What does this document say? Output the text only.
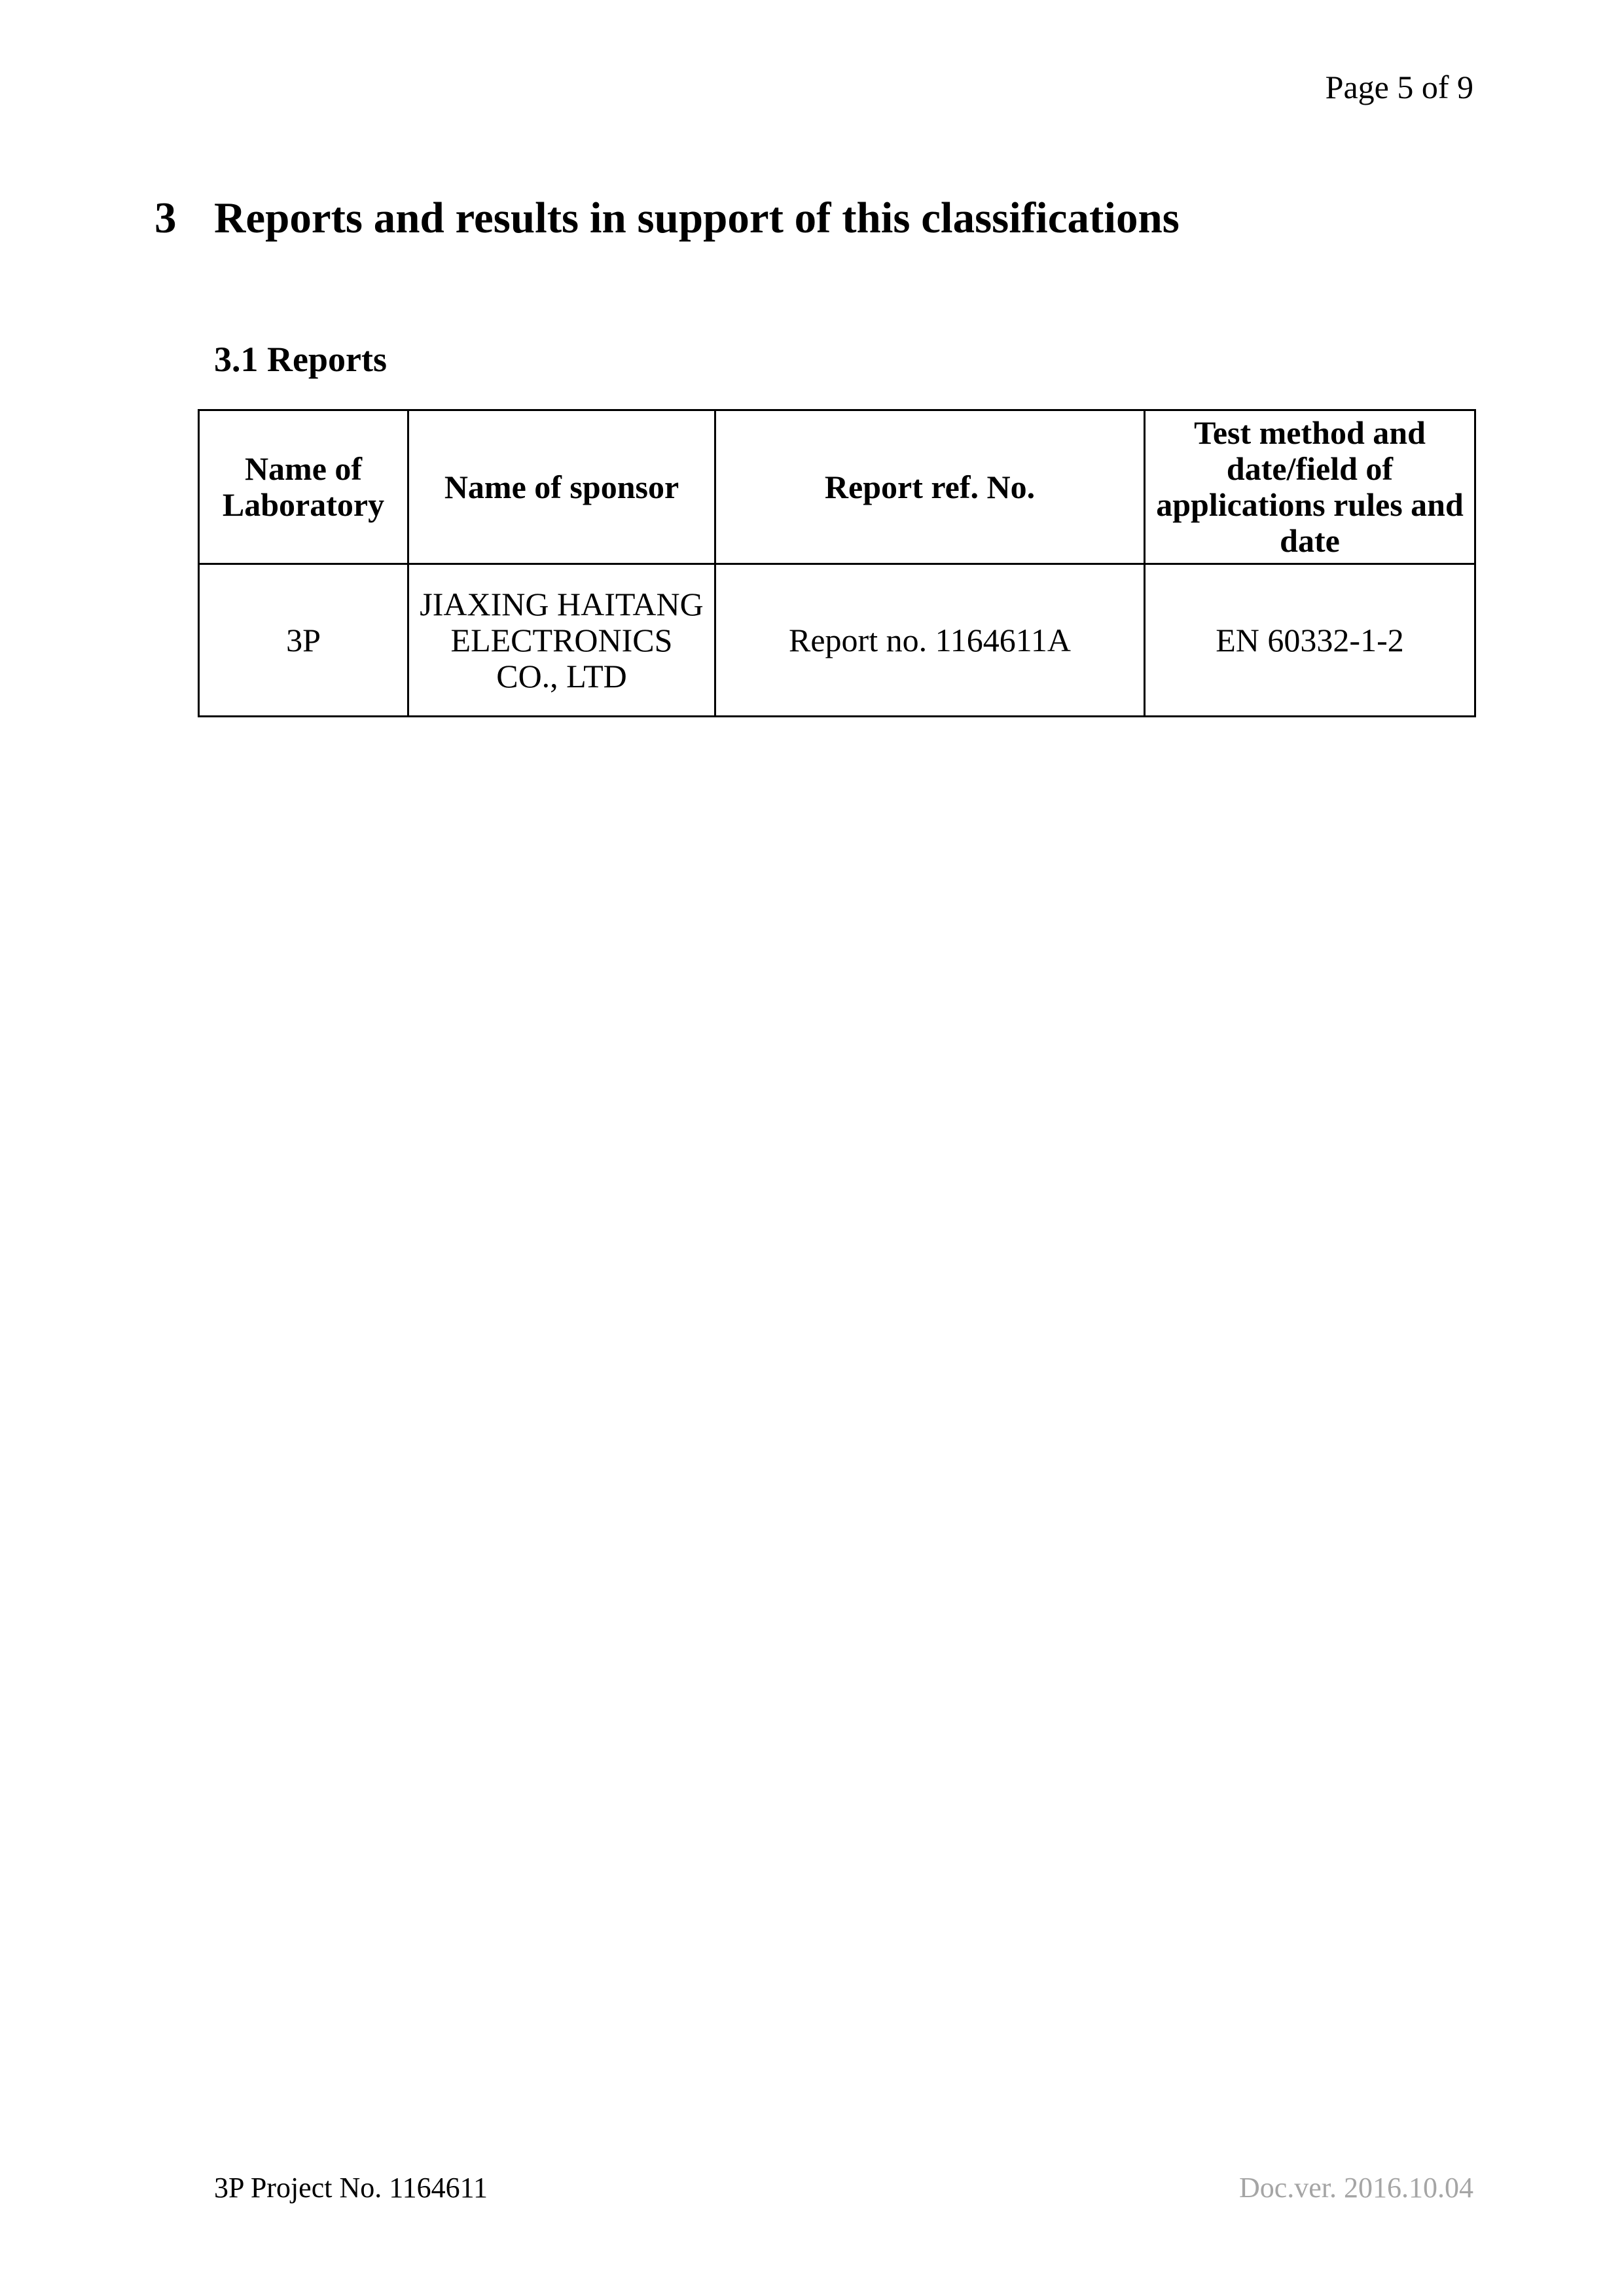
Page 5 of 9
3 Reports and results in support of this classifications
3.1 Reports
Name of Laboratory	Name of sponsor	Report ref. No.	Test method and date/field of applications rules and date
3P	JIAXING HAITANG ELECTRONICS CO., LTD	Report no. 1164611A	EN 60332-1-2
3P Project No. 1164611	Doc.ver. 2016.10.04
